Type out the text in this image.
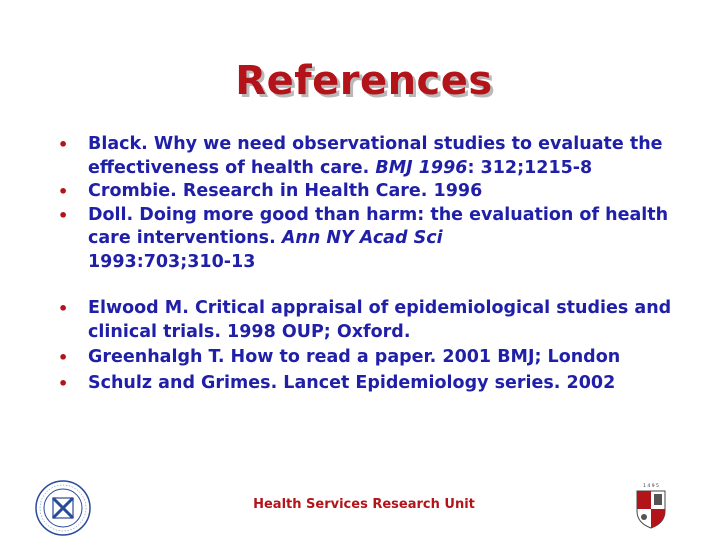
References
• Black. Why we need observational studies to evaluate the effectiveness of health care. BMJ 1996: 312;1215-8
• Crombie. Research in Health Care. 1996
• Doll. Doing more good than harm: the evaluation of health care interventions. Ann NY Acad Sci
1993:703;310-13
• Elwood M. Critical appraisal of epidemiological studies and clinical trials. 1998 OUP; Oxford.
• Greenhalgh T. How to read a paper. 2001 BMJ; London
• Schulz and Grimes. Lancet Epidemiology series. 2002
Health Services Research Unit
1 4 9 5
